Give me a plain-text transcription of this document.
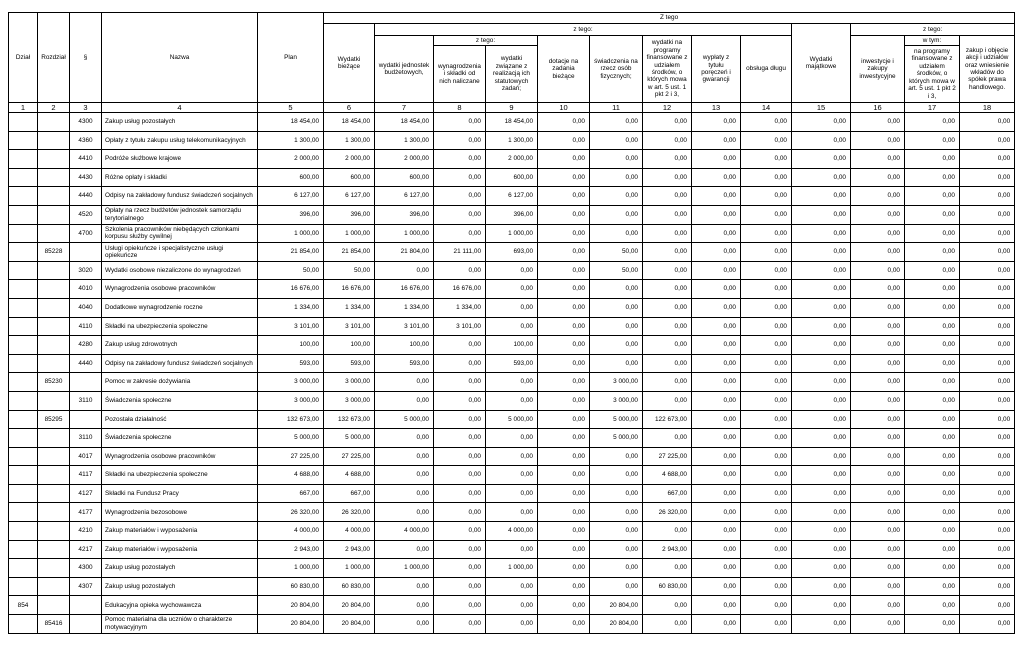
Dział	Rozdział	§	Nazwa	Plan	Z tego												
					Wydatki bieżące	z tego:								Wydatki majątkowe	z tego:		
						wydatki jednostek budżetowych,	z tego:		dotacje na zadania bieżące	świadczenia na rzecz osób fizycznych;	wydatki na programy finansowane z udziałem środków, o których mowa w art. 5 ust. 1 pkt 2 i 3,	wypłaty z tytułu poręczeń i gwarancji	obsługa długu		inwestycje i zakupy inwestycyjne	w tym:	zakup i objęcie akcji i udziałów oraz wniesienie wkładów do spółek prawa handlowego.
							wynagrodzenia i składki od nich naliczane	wydatki związane z realizacją ich statutowych zadań;								na programy finansowane z udziałem środków, o których mowa w art. 5 ust. 1 pkt 2 i 3,	
1	2	3	4	5	6	7	8	9	10	11	12	13	14	15	16	17	18
		4300	Zakup usług pozostałych	18 454,00	18 454,00	18 454,00	0,00	18 454,00	0,00	0,00	0,00	0,00	0,00	0,00	0,00	0,00	0,00
		4360	Opłaty z tytułu zakupu usług telekomunikacyjnych	1 300,00	1 300,00	1 300,00	0,00	1 300,00	0,00	0,00	0,00	0,00	0,00	0,00	0,00	0,00	0,00
		4410	Podróże służbowe krajowe	2 000,00	2 000,00	2 000,00	0,00	2 000,00	0,00	0,00	0,00	0,00	0,00	0,00	0,00	0,00	0,00
		4430	Różne opłaty i składki	600,00	600,00	600,00	0,00	600,00	0,00	0,00	0,00	0,00	0,00	0,00	0,00	0,00	0,00
		4440	Odpisy na zakładowy fundusz świadczeń socjalnych	6 127,00	6 127,00	6 127,00	0,00	6 127,00	0,00	0,00	0,00	0,00	0,00	0,00	0,00	0,00	0,00
		4520	Opłaty na rzecz budżetów jednostek samorządu terytorialnego	396,00	396,00	396,00	0,00	396,00	0,00	0,00	0,00	0,00	0,00	0,00	0,00	0,00	0,00
		4700	Szkolenia pracowników niebędących członkami korpusu służby cywilnej	1 000,00	1 000,00	1 000,00	0,00	1 000,00	0,00	0,00	0,00	0,00	0,00	0,00	0,00	0,00	0,00
	85228		Usługi opiekuńcze i specjalistyczne usługi opiekuńcze	21 854,00	21 854,00	21 804,00	21 111,00	693,00	0,00	50,00	0,00	0,00	0,00	0,00	0,00	0,00	0,00
		3020	Wydatki osobowe niezaliczone do wynagrodzeń	50,00	50,00	0,00	0,00	0,00	0,00	50,00	0,00	0,00	0,00	0,00	0,00	0,00	0,00
		4010	Wynagrodzenia osobowe pracowników	16 676,00	16 676,00	16 676,00	16 676,00	0,00	0,00	0,00	0,00	0,00	0,00	0,00	0,00	0,00	0,00
		4040	Dodatkowe wynagrodzenie roczne	1 334,00	1 334,00	1 334,00	1 334,00	0,00	0,00	0,00	0,00	0,00	0,00	0,00	0,00	0,00	0,00
		4110	Składki na ubezpieczenia społeczne	3 101,00	3 101,00	3 101,00	3 101,00	0,00	0,00	0,00	0,00	0,00	0,00	0,00	0,00	0,00	0,00
		4280	Zakup usług zdrowotnych	100,00	100,00	100,00	0,00	100,00	0,00	0,00	0,00	0,00	0,00	0,00	0,00	0,00	0,00
		4440	Odpisy na zakładowy fundusz świadczeń socjalnych	593,00	593,00	593,00	0,00	593,00	0,00	0,00	0,00	0,00	0,00	0,00	0,00	0,00	0,00
	85230		Pomoc w zakresie dożywiania	3 000,00	3 000,00	0,00	0,00	0,00	0,00	3 000,00	0,00	0,00	0,00	0,00	0,00	0,00	0,00
		3110	Świadczenia społeczne	3 000,00	3 000,00	0,00	0,00	0,00	0,00	3 000,00	0,00	0,00	0,00	0,00	0,00	0,00	0,00
	85295		Pozostała działalność	132 673,00	132 673,00	5 000,00	0,00	5 000,00	0,00	5 000,00	122 673,00	0,00	0,00	0,00	0,00	0,00	0,00
		3110	Świadczenia społeczne	5 000,00	5 000,00	0,00	0,00	0,00	0,00	5 000,00	0,00	0,00	0,00	0,00	0,00	0,00	0,00
		4017	Wynagrodzenia osobowe pracowników	27 225,00	27 225,00	0,00	0,00	0,00	0,00	0,00	27 225,00	0,00	0,00	0,00	0,00	0,00	0,00
		4117	Składki na ubezpieczenia społeczne	4 688,00	4 688,00	0,00	0,00	0,00	0,00	0,00	4 688,00	0,00	0,00	0,00	0,00	0,00	0,00
		4127	Składki na Fundusz Pracy	667,00	667,00	0,00	0,00	0,00	0,00	0,00	667,00	0,00	0,00	0,00	0,00	0,00	0,00
		4177	Wynagrodzenia bezosobowe	26 320,00	26 320,00	0,00	0,00	0,00	0,00	0,00	26 320,00	0,00	0,00	0,00	0,00	0,00	0,00
		4210	Zakup materiałów i wyposażenia	4 000,00	4 000,00	4 000,00	0,00	4 000,00	0,00	0,00	0,00	0,00	0,00	0,00	0,00	0,00	0,00
		4217	Zakup materiałów i wyposażenia	2 943,00	2 943,00	0,00	0,00	0,00	0,00	0,00	2 943,00	0,00	0,00	0,00	0,00	0,00	0,00
		4300	Zakup usług pozostałych	1 000,00	1 000,00	1 000,00	0,00	1 000,00	0,00	0,00	0,00	0,00	0,00	0,00	0,00	0,00	0,00
		4307	Zakup usług pozostałych	60 830,00	60 830,00	0,00	0,00	0,00	0,00	0,00	60 830,00	0,00	0,00	0,00	0,00	0,00	0,00
854			Edukacyjna opieka wychowawcza	20 804,00	20 804,00	0,00	0,00	0,00	0,00	20 804,00	0,00	0,00	0,00	0,00	0,00	0,00	0,00
	85416		Pomoc materialna dla uczniów o charakterze motywacyjnym	20 804,00	20 804,00	0,00	0,00	0,00	0,00	20 804,00	0,00	0,00	0,00	0,00	0,00	0,00	0,00
